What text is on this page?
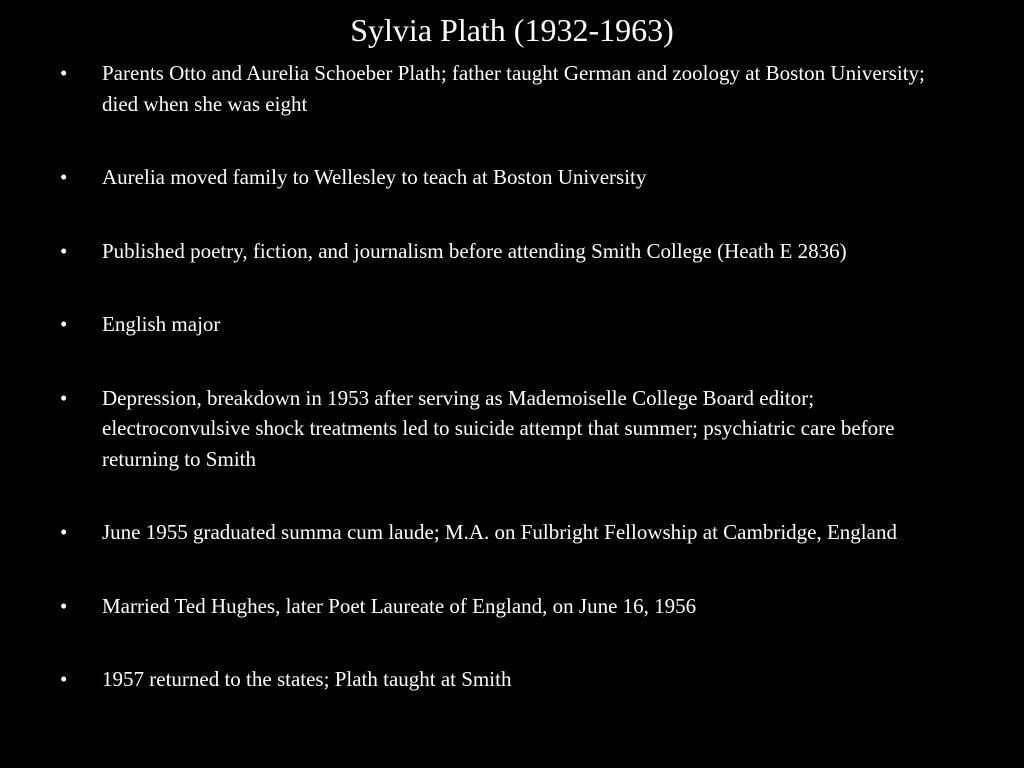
Sylvia Plath (1932-1963)
•	Parents Otto and Aurelia Schoeber Plath; father taught German and zoology at Boston University; died when she was eight
•	Aurelia moved family to Wellesley to teach at Boston University
•	Published poetry, fiction, and journalism before attending Smith College (Heath E 2836)
•	English major
•	Depression, breakdown in 1953 after serving as Mademoiselle College Board editor; electroconvulsive shock treatments led to suicide attempt that summer; psychiatric care before returning to Smith
•	June 1955 graduated summa cum laude; M.A. on Fulbright Fellowship at Cambridge, England
•	Married Ted Hughes, later Poet Laureate of England, on June 16, 1956
•	1957 returned to the states; Plath taught at Smith
